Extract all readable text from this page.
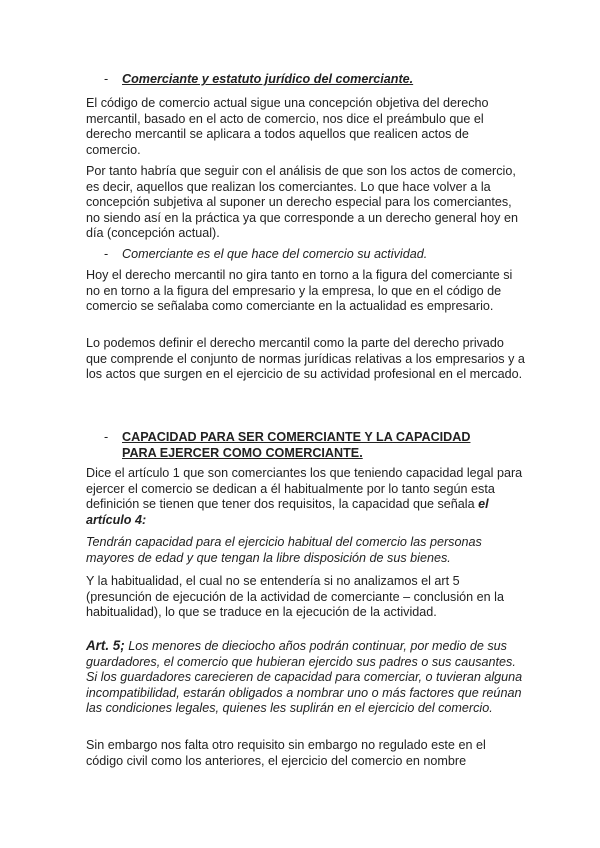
- Comerciante y estatuto jurídico del comerciante.

El código de comercio actual sigue una concepción objetiva del derecho mercantil, basado en el acto de comercio, nos dice el preámbulo que el derecho mercantil se aplicara a todos aquellos que realicen actos de comercio.

Por tanto habría que seguir con el análisis de que son los actos de comercio, es decir, aquellos que realizan los comerciantes. Lo que hace volver a la concepción subjetiva al suponer un derecho especial para los comerciantes, no siendo así en la práctica ya que corresponde a un derecho general hoy en día (concepción actual).

- Comerciante es el que hace del comercio su actividad.

Hoy el derecho mercantil no gira tanto en torno a la figura del comerciante si no en torno a la figura del empresario y la empresa, lo que en el código de comercio se señalaba como comerciante en la actualidad es empresario.

Lo podemos definir el derecho mercantil como la parte del derecho privado que comprende el conjunto de normas jurídicas relativas a los empresarios y a los actos que surgen en el ejercicio de su actividad profesional en el mercado.

- CAPACIDAD PARA SER COMERCIANTE Y LA CAPACIDAD PARA EJERCER COMO COMERCIANTE.

Dice el artículo 1 que son comerciantes los que teniendo capacidad legal para ejercer el comercio se dedican a él habitualmente por lo tanto según esta definición se tienen que tener dos requisitos, la capacidad que señala el artículo 4:

Tendrán capacidad para el ejercicio habitual del comercio las personas mayores de edad y que tengan la libre disposición de sus bienes.

Y la habitualidad, el cual no se entendería si no analizamos el art 5 (presunción de ejecución de la actividad de comerciante – conclusión en la habitualidad), lo que se traduce en la ejecución de la actividad.

Art. 5; Los menores de dieciocho años podrán continuar, por medio de sus guardadores, el comercio que hubieran ejercido sus padres o sus causantes. Si los guardadores carecieren de capacidad para comerciar, o tuvieran alguna incompatibilidad, estarán obligados a nombrar uno o más factores que reúnan las condiciones legales, quienes les suplirán en el ejercicio del comercio.

Sin embargo nos falta otro requisito sin embargo no regulado este en el código civil como los anteriores, el ejercicio del comercio en nombre
